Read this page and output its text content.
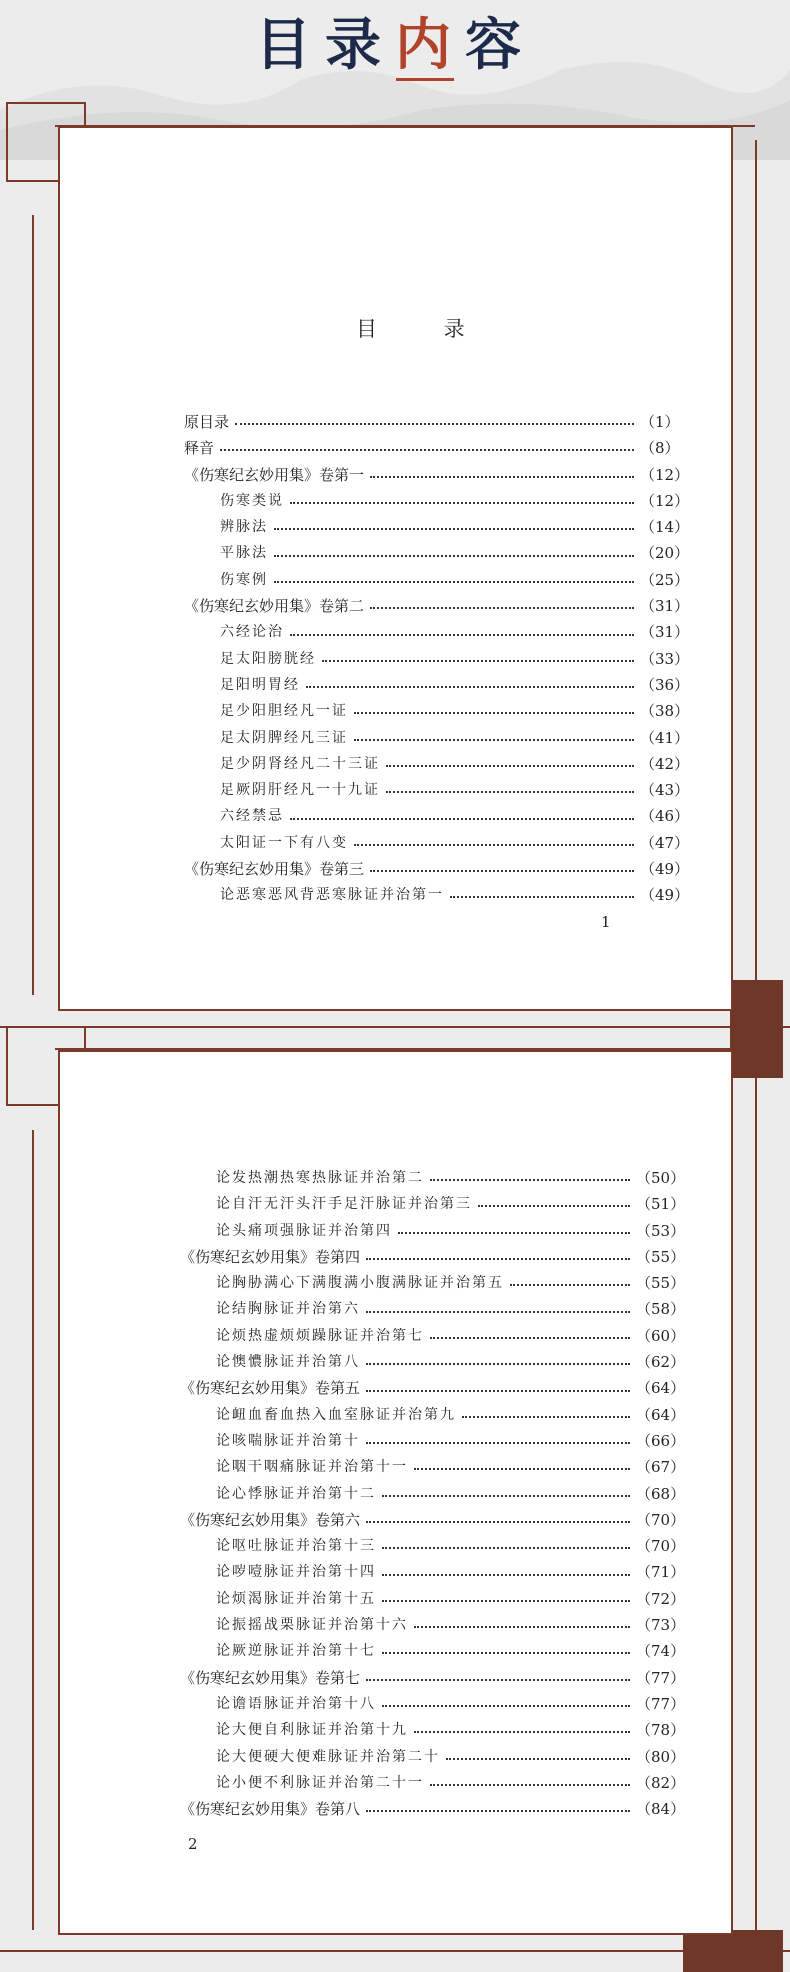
目录内容
目 录
原目录	（1）
释音	（8）
《伤寒纪玄妙用集》卷第一	（12）
伤寒类说	（12）
辨脉法	（14）
平脉法	（20）
伤寒例	（25）
《伤寒纪玄妙用集》卷第二	（31）
六经论治	（31）
足太阳膀胱经	（33）
足阳明胃经	（36）
足少阳胆经凡一证	（38）
足太阴脾经凡三证	（41）
足少阴肾经凡二十三证	（42）
足厥阴肝经凡一十九证	（43）
六经禁忌	（46）
太阳证一下有八变	（47）
《伤寒纪玄妙用集》卷第三	（49）
论恶寒恶风背恶寒脉证并治第一	（49）
1
论发热潮热寒热脉证并治第二	（50）
论自汗无汗头汗手足汗脉证并治第三	（51）
论头痛项强脉证并治第四	（53）
《伤寒纪玄妙用集》卷第四	（55）
论胸胁满心下满腹满小腹满脉证并治第五	（55）
论结胸脉证并治第六	（58）
论烦热虚烦烦躁脉证并治第七	（60）
论懊憹脉证并治第八	（62）
《伤寒纪玄妙用集》卷第五	（64）
论衄血畜血热入血室脉证并治第九	（64）
论咳喘脉证并治第十	（66）
论咽干咽痛脉证并治第十一	（67）
论心悸脉证并治第十二	（68）
《伤寒纪玄妙用集》卷第六	（70）
论呕吐脉证并治第十三	（70）
论哕噎脉证并治第十四	（71）
论烦渴脉证并治第十五	（72）
论振摇战栗脉证并治第十六	（73）
论厥逆脉证并治第十七	（74）
《伤寒纪玄妙用集》卷第七	（77）
论谵语脉证并治第十八	（77）
论大便自利脉证并治第十九	（78）
论大便硬大便难脉证并治第二十	（80）
论小便不利脉证并治第二十一	（82）
《伤寒纪玄妙用集》卷第八	（84）
2
